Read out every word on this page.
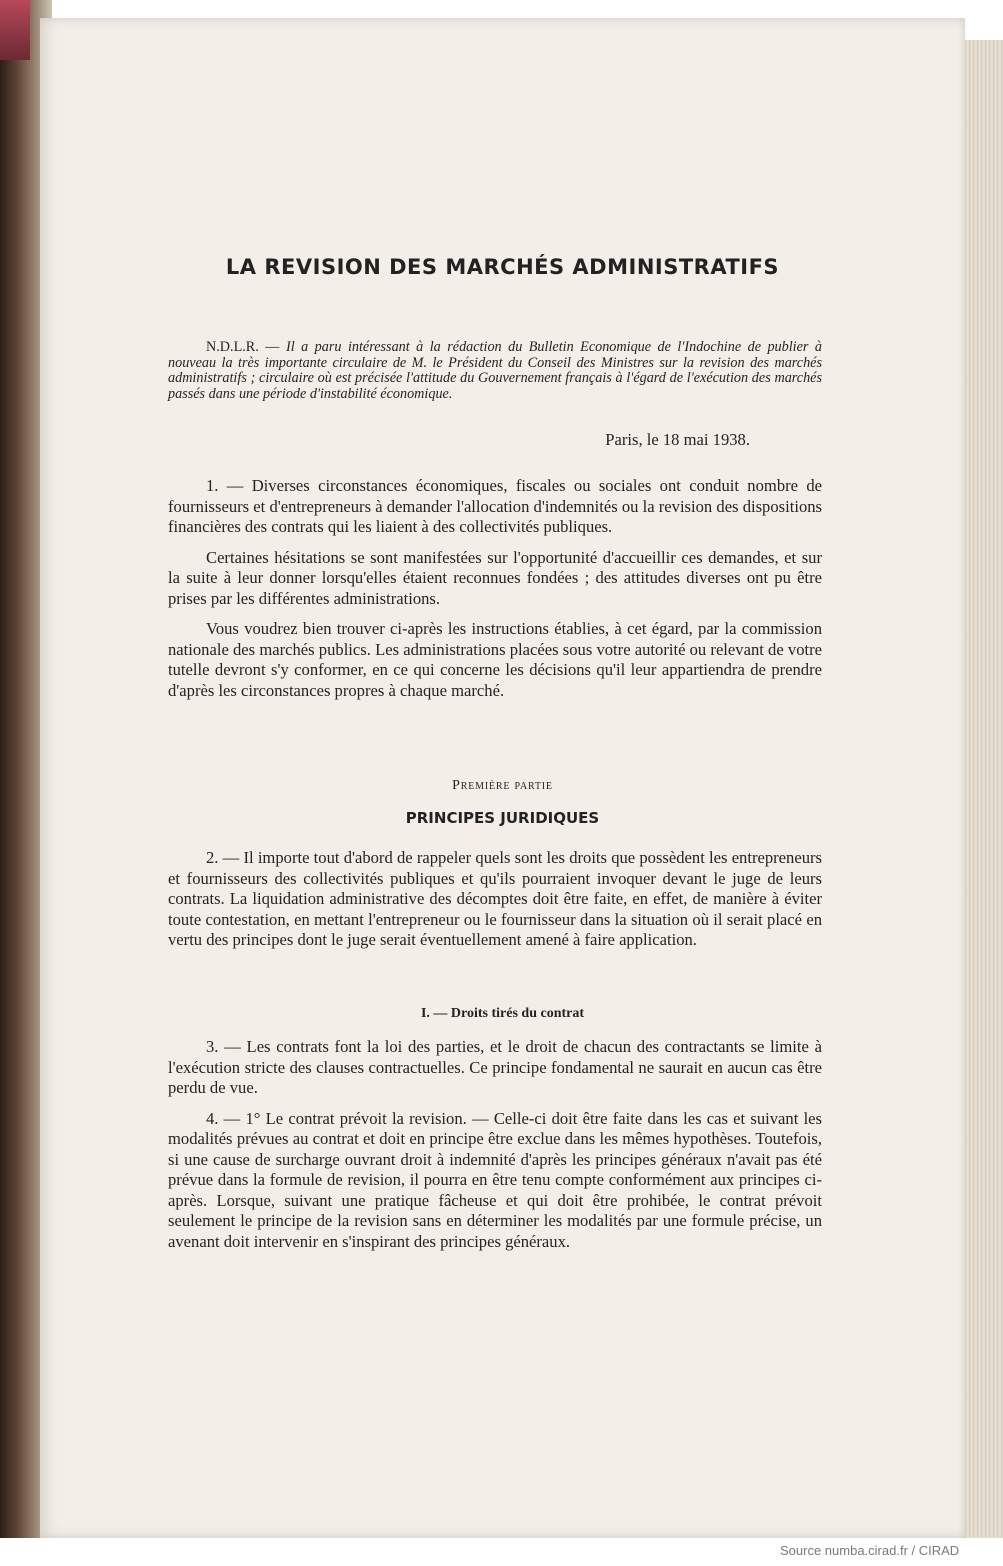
LA REVISION DES MARCHÉS ADMINISTRATIFS

N.D.L.R. — Il a paru intéressant à la rédaction du Bulletin Economique de l'Indochine de publier à nouveau la très importante circulaire de M. le Président du Conseil des Ministres sur la revision des marchés administratifs ; circulaire où est précisée l'attitude du Gouvernement français à l'égard de l'exécution des marchés passés dans une période d'instabilité économique.

Paris, le 18 mai 1938.

1. — Diverses circonstances économiques, fiscales ou sociales ont conduit nombre de fournisseurs et d'entrepreneurs à demander l'allocation d'indemnités ou la revision des dispositions financières des contrats qui les liaient à des collectivités publiques.

Certaines hésitations se sont manifestées sur l'opportunité d'accueillir ces demandes, et sur la suite à leur donner lorsqu'elles étaient reconnues fondées ; des attitudes diverses ont pu être prises par les différentes administrations.

Vous voudrez bien trouver ci-après les instructions établies, à cet égard, par la commission nationale des marchés publics. Les administrations placées sous votre autorité ou relevant de votre tutelle devront s'y conformer, en ce qui concerne les décisions qu'il leur appartiendra de prendre d'après les circonstances propres à chaque marché.

Première partie
PRINCIPES JURIDIQUES

2. — Il importe tout d'abord de rappeler quels sont les droits que possèdent les entrepreneurs et fournisseurs des collectivités publiques et qu'ils pourraient invoquer devant le juge de leurs contrats. La liquidation administrative des décomptes doit être faite, en effet, de manière à éviter toute contestation, en mettant l'entrepreneur ou le fournisseur dans la situation où il serait placé en vertu des principes dont le juge serait éventuellement amené à faire application.

I. — Droits tirés du contrat

3. — Les contrats font la loi des parties, et le droit de chacun des contractants se limite à l'exécution stricte des clauses contractuelles. Ce principe fondamental ne saurait en aucun cas être perdu de vue.

4. — 1° Le contrat prévoit la revision. — Celle-ci doit être faite dans les cas et suivant les modalités prévues au contrat et doit en principe être exclue dans les mêmes hypothèses. Toutefois, si une cause de surcharge ouvrant droit à indemnité d'après les principes généraux n'avait pas été prévue dans la formule de revision, il pourra en être tenu compte conformément aux principes ci-après. Lorsque, suivant une pratique fâcheuse et qui doit être prohibée, le contrat prévoit seulement le principe de la revision sans en déterminer les modalités par une formule précise, un avenant doit intervenir en s'inspirant des principes généraux.

Source numba.cirad.fr / CIRAD
